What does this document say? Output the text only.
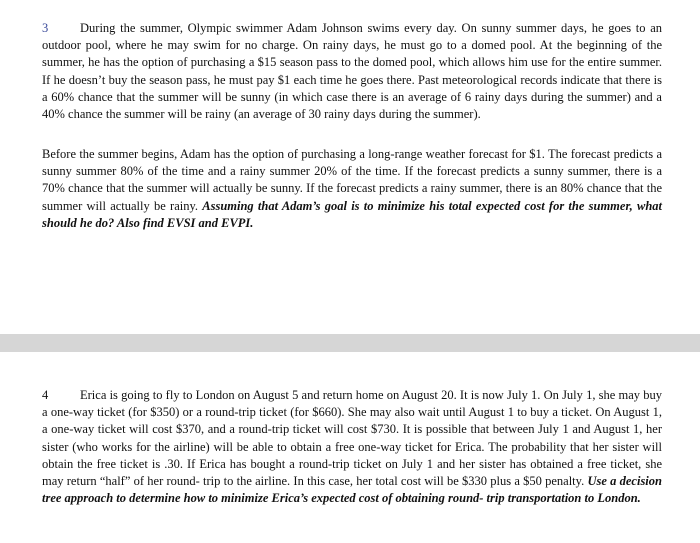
3	During the summer, Olympic swimmer Adam Johnson swims every day. On sunny summer days, he goes to an outdoor pool, where he may swim for no charge. On rainy days, he must go to a domed pool. At the beginning of the summer, he has the option of purchasing a $15 season pass to the domed pool, which allows him use for the entire summer. If he doesn’t buy the season pass, he must pay $1 each time he goes there. Past meteorological records indicate that there is a 60% chance that the summer will be sunny (in which case there is an average of 6 rainy days during the summer) and a 40% chance the summer will be rainy (an average of 30 rainy days during the summer).

Before the summer begins, Adam has the option of purchasing a long-range weather forecast for $1. The forecast predicts a sunny summer 80% of the time and a rainy summer 20% of the time. If the forecast predicts a sunny summer, there is a 70% chance that the summer will actually be sunny. If the forecast predicts a rainy summer, there is an 80% chance that the summer will actually be rainy. Assuming that Adam’s goal is to minimize his total expected cost for the summer, what should he do? Also find EVSI and EVPI.

4	Erica is going to fly to London on August 5 and return home on August 20. It is now July 1. On July 1, she may buy a one-way ticket (for $350) or a round-trip ticket (for $660). She may also wait until August 1 to buy a ticket. On August 1, a one-way ticket will cost $370, and a round-trip ticket will cost $730. It is possible that between July 1 and August 1, her sister (who works for the airline) will be able to obtain a free one-way ticket for Erica. The probability that her sister will obtain the free ticket is .30. If Erica has bought a round-trip ticket on July 1 and her sister has obtained a free ticket, she may return “half” of her round- trip to the airline. In this case, her total cost will be $330 plus a $50 penalty. Use a decision tree approach to determine how to minimize Erica’s expected cost of obtaining round- trip transportation to London.
